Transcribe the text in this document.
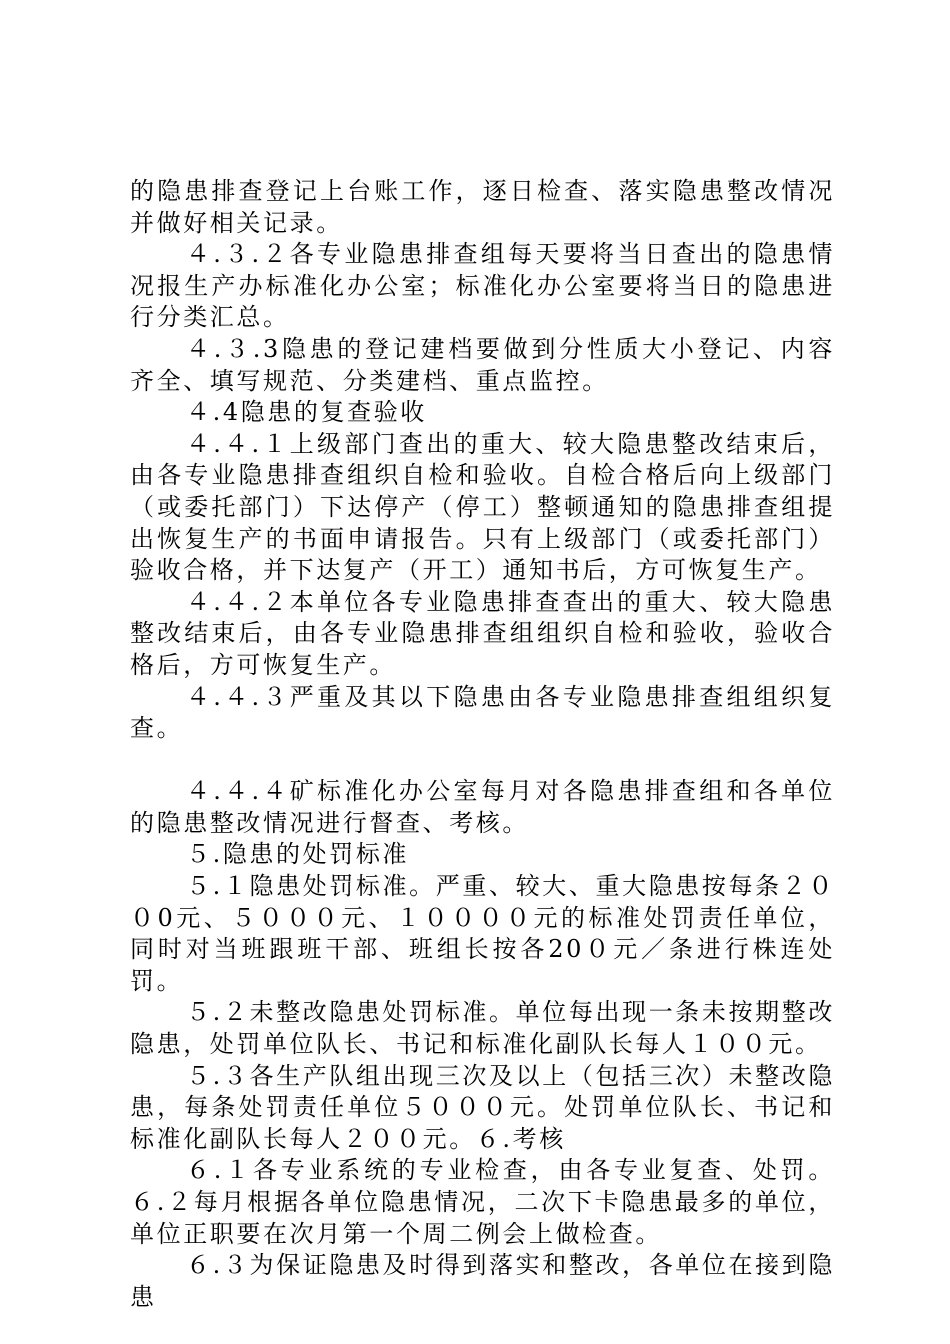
的隐患排查登记上台账工作，逐日检查、落实隐患整改情况并做好相关记录。

４.３.２各专业隐患排查组每天要将当日查出的隐患情况报生产办标准化办公室；标准化办公室要将当日的隐患进行分类汇总。

４.３.3隐患的登记建档要做到分性质大小登记、内容齐全、填写规范、分类建档、重点监控。

４.4隐患的复查验收

４.４.１上级部门查出的重大、较大隐患整改结束后，由各专业隐患排查组织自检和验收。自检合格后向上级部门（或委托部门）下达停产（停工）整顿通知的隐患排查组提出恢复生产的书面申请报告。只有上级部门（或委托部门）验收合格，并下达复产（开工）通知书后，方可恢复生产。

４.４.２本单位各专业隐患排查查出的重大、较大隐患整改结束后，由各专业隐患排查组组织自检和验收，验收合格后，方可恢复生产。

４.４.３严重及其以下隐患由各专业隐患排查组组织复查。

４.４.４矿标准化办公室每月对各隐患排查组和各单位的隐患整改情况进行督查、考核。

５.隐患的处罚标准

５.１隐患处罚标准。严重、较大、重大隐患按每条２００0元、５０００元、１００００元的标准处罚责任单位，同时对当班跟班干部、班组长按各20０元／条进行株连处罚。

５.２未整改隐患处罚标准。单位每出现一条未按期整改隐患，处罚单位队长、书记和标准化副队长每人１００元。

５.３各生产队组出现三次及以上（包括三次）未整改隐患，每条处罚责任单位５０００元。处罚单位队长、书记和标准化副队长每人２００元。６.考核

６.１各专业系统的专业检查，由各专业复查、处罚。６.２每月根据各单位隐患情况，二次下卡隐患最多的单位，单位正职要在次月第一个周二例会上做检查。

６.３为保证隐患及时得到落实和整改，各单位在接到隐患
